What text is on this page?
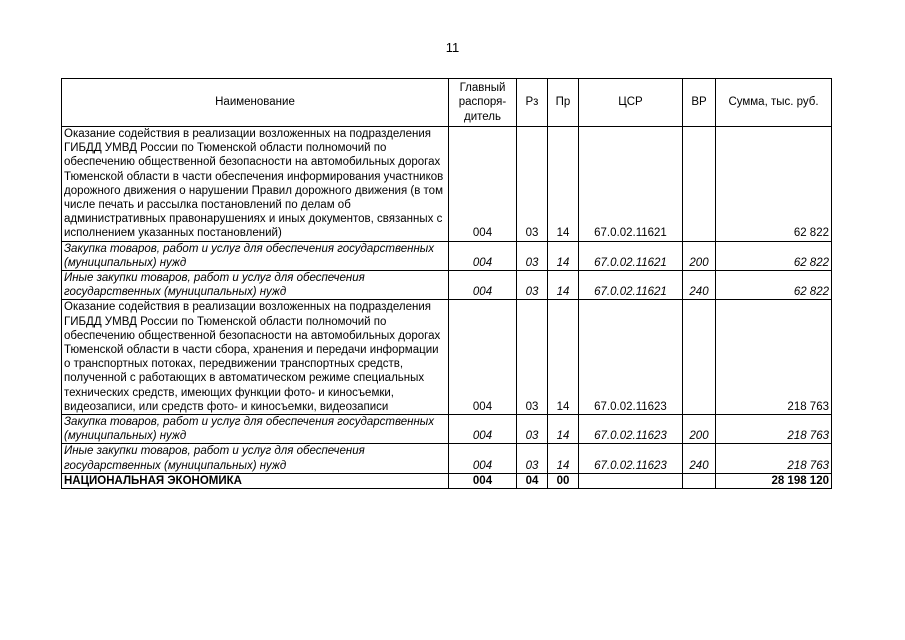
11
Наименование	Главный распоря-дитель	Рз	Пр	ЦСР	ВР	Сумма, тыс. руб.
Оказание содействия в реализации возложенных на подразделения ГИБДД УМВД России по Тюменской области полномочий по обеспечению общественной безопасности на автомобильных дорогах Тюменской области в части обеспечения информирования участников дорожного движения о нарушении Правил дорожного движения (в том числе печать и рассылка постановлений по делам об административных правонарушениях и иных документов, связанных с исполнением указанных постановлений)	004	03	14	67.0.02.11621		62 822
Закупка товаров, работ и услуг для обеспечения государственных (муниципальных) нужд	004	03	14	67.0.02.11621	200	62 822
Иные закупки товаров, работ и услуг для обеспечения государственных (муниципальных) нужд	004	03	14	67.0.02.11621	240	62 822
Оказание содействия в реализации возложенных на подразделения ГИБДД УМВД России по Тюменской области полномочий по обеспечению общественной безопасности на автомобильных дорогах Тюменской области в части сбора, хранения и передачи информации о транспортных потоках, передвижении транспортных средств, полученной с работающих в автоматическом режиме специальных технических средств, имеющих функции фото- и киносъемки, видеозаписи, или средств фото- и киносъемки, видеозаписи	004	03	14	67.0.02.11623		218 763
Закупка товаров, работ и услуг для обеспечения государственных (муниципальных) нужд	004	03	14	67.0.02.11623	200	218 763
Иные закупки товаров, работ и услуг для обеспечения государственных (муниципальных) нужд	004	03	14	67.0.02.11623	240	218 763
НАЦИОНАЛЬНАЯ ЭКОНОМИКА	004	04	00			28 198 120
